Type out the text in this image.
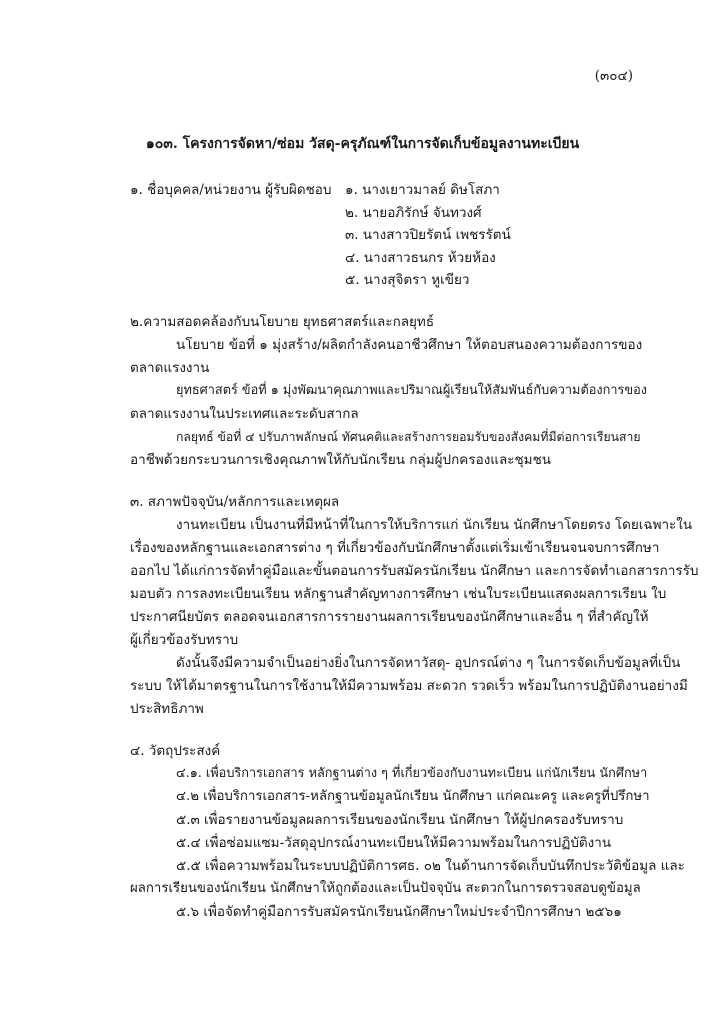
(๓๐๔)
๑๐๓. โครงการจัดหา/ซ่อม วัสดุ-ครุภัณฑ์ในการจัดเก็บข้อมูลงานทะเบียน
๑. ชื่อบุคคล/หน่วยงาน ผู้รับผิดชอบ ๑. นางเยาวมาลย์ ดิษโสภา
๒. นายอภิรักษ์ จันทวงศ์
๓. นางสาวปิยรัตน์ เพชรรัตน์
๔. นางสาวธนกร ห้วยห้อง
๕. นางสุจิตรา หูเขียว
๒.ความสอดคล้องกับนโยบาย ยุทธศาสตร์และกลยุทธ์
นโยบาย ข้อที่ ๑ มุ่งสร้าง/ผลิตกำลังคนอาชีวศึกษา ให้ตอบสนองความต้องการของ
ตลาดแรงงาน
ยุทธศาสตร์ ข้อที่ ๑ มุ่งพัฒนาคุณภาพและปริมาณผู้เรียนให้สัมพันธ์กับความต้องการของ
ตลาดแรงงานในประเทศและระดับสากล
กลยุทธ์ ข้อที่ ๔ ปรับภาพลักษณ์ ทัศนคติและสร้างการยอมรับของสังคมที่มีต่อการเรียนสาย
อาชีพด้วยกระบวนการเชิงคุณภาพให้กับนักเรียน กลุ่มผู้ปกครองและชุมชน
๓. สภาพปัจจุบัน/หลักการและเหตุผล
งานทะเบียน เป็นงานที่มีหน้าที่ในการให้บริการแก่ นักเรียน นักศึกษาโดยตรง โดยเฉพาะใน
เรื่องของหลักฐานและเอกสารต่าง ๆ ที่เกี่ยวข้องกับนักศึกษาตั้งแต่เริ่มเข้าเรียนจนจบการศึกษา
ออกไป ได้แก่การจัดทำคู่มือและขั้นตอนการรับสมัครนักเรียน นักศึกษา และการจัดทำเอกสารการรับ
มอบตัว การลงทะเบียนเรียน หลักฐานสำคัญทางการศึกษา เช่นใบระเบียนแสดงผลการเรียน ใบ
ประกาศนียบัตร ตลอดจนเอกสารการรายงานผลการเรียนของนักศึกษาและอื่น ๆ ที่สำคัญให้
ผู้เกี่ยวข้องรับทราบ
ดังนั้นจึงมีความจำเป็นอย่างยิ่งในการจัดหาวัสดุ- อุปกรณ์ต่าง ๆ ในการจัดเก็บข้อมูลที่เป็น
ระบบ ให้ได้มาตรฐานในการใช้งานให้มีความพร้อม สะดวก รวดเร็ว พร้อมในการปฏิบัติงานอย่างมี
ประสิทธิภาพ
๔. วัตถุประสงค์
๔.๑. เพื่อบริการเอกสาร หลักฐานต่าง ๆ ที่เกี่ยวข้องกับงานทะเบียน แก่นักเรียน นักศึกษา
๔.๒ เพื่อบริการเอกสาร-หลักฐานข้อมูลนักเรียน นักศึกษา แก่คณะครู และครูที่ปรึกษา
๕.๓ เพื่อรายงานข้อมูลผลการเรียนของนักเรียน นักศึกษา ให้ผู้ปกครองรับทราบ
๕.๔ เพื่อซ่อมแซม-วัสดุอุปกรณ์งานทะเบียนให้มีความพร้อมในการปฏิบัติงาน
๕.๕ เพื่อความพร้อมในระบบปฏิบัติการศธ. ๐๒ ในด้านการจัดเก็บบันทึกประวัติข้อมูล และ
ผลการเรียนของนักเรียน นักศึกษาให้ถูกต้องและเป็นปัจจุบัน สะดวกในการตรวจสอบดูข้อมูล
๕.๖ เพื่อจัดทำคู่มือการรับสมัครนักเรียนนักศึกษาใหม่ประจำปีการศึกษา ๒๕๖๑
